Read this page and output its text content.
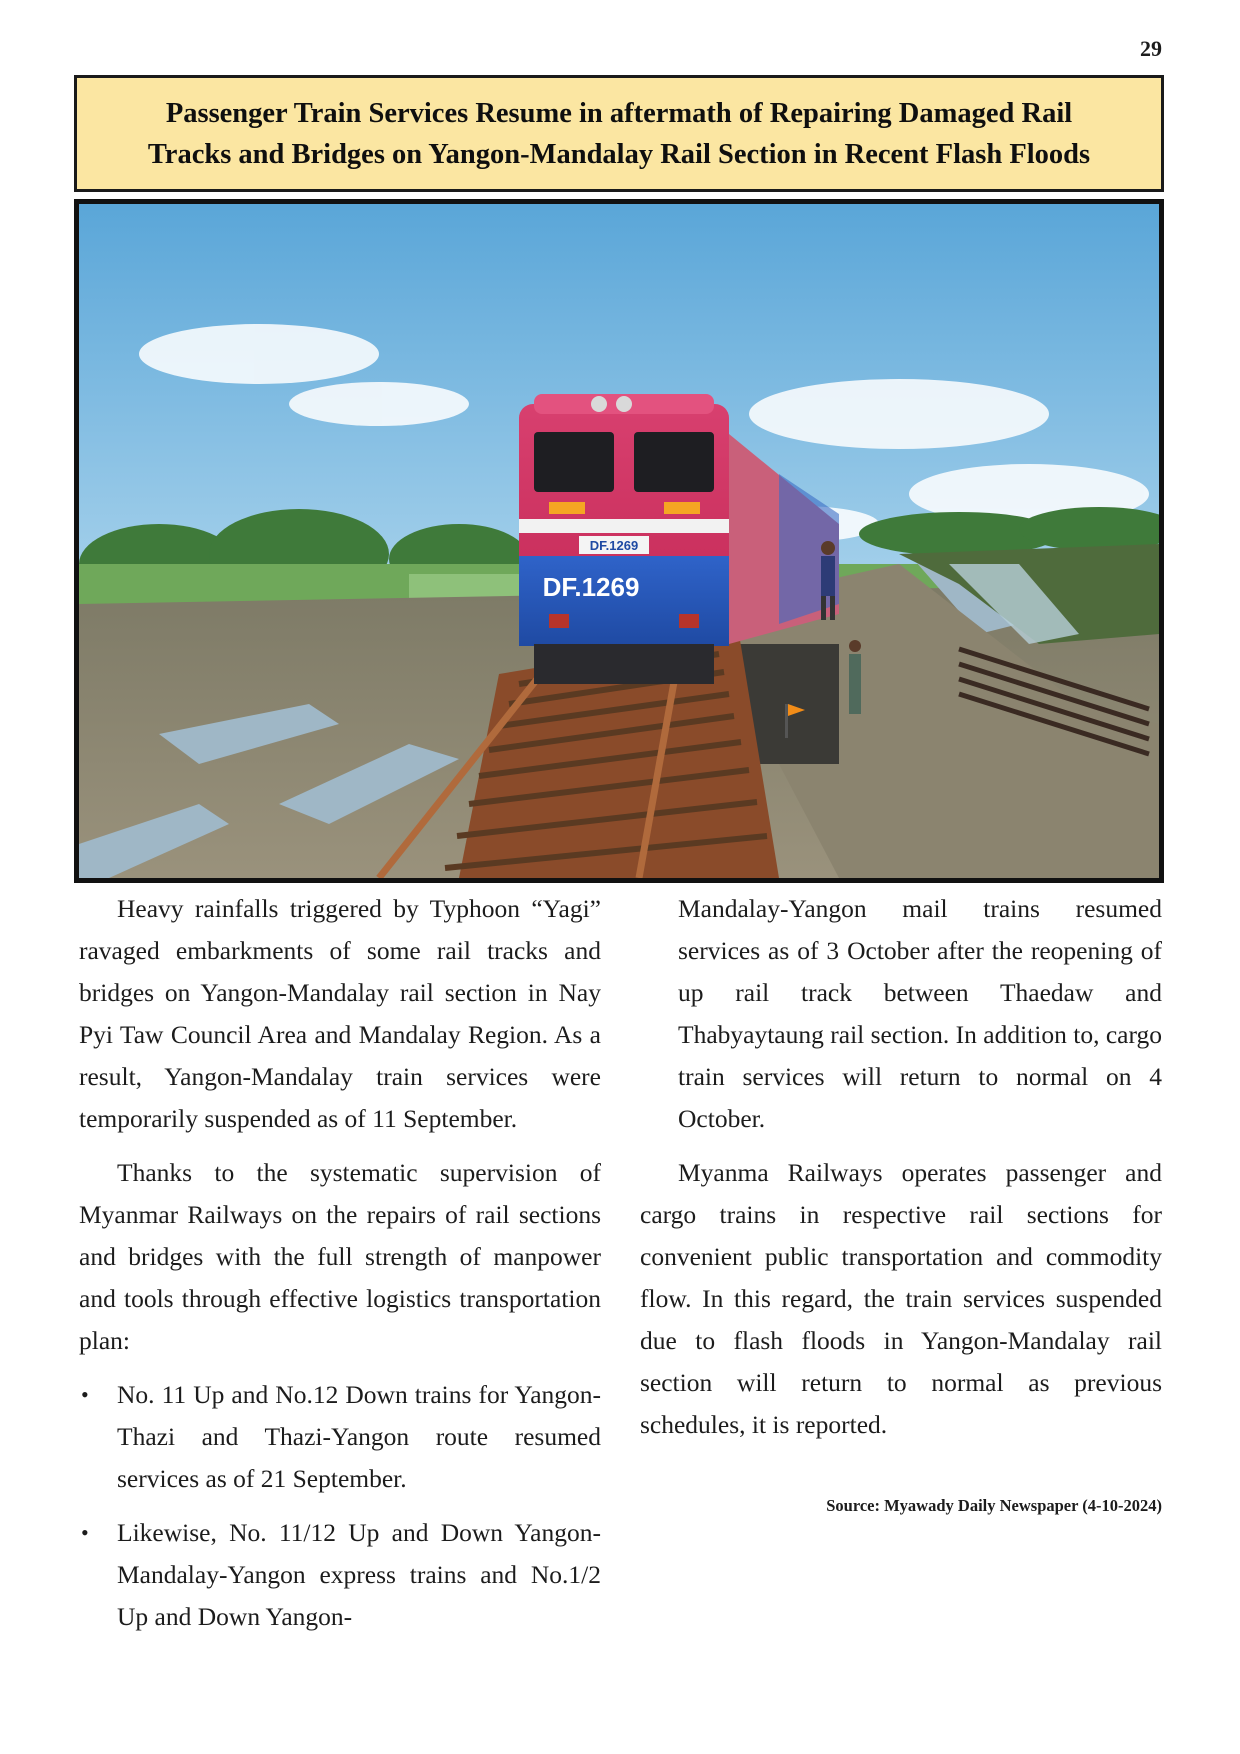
29
Passenger Train Services Resume in aftermath of Repairing Damaged Rail
Tracks and Bridges on Yangon-Mandalay Rail Section in Recent Flash Floods
DF.1269
DF.1269

Heavy rainfalls triggered by Typhoon “Yagi” ravaged embarkments of some rail tracks and bridges on Yangon-Mandalay rail section in Nay Pyi Taw Council Area and Mandalay Region. As a result, Yangon-Mandalay train services were temporarily suspended as of 11 September.

Thanks to the systematic supervision of Myanmar Railways on the repairs of rail sections and bridges with the full strength of manpower and tools through effective logistics transportation plan:

• No. 11 Up and No.12 Down trains for Yangon-Thazi and Thazi-Yangon route resumed services as of 21 September.
• Likewise, No. 11/12 Up and Down Yangon-Mandalay-Yangon express trains and No.1/2 Up and Down Yangon-

Mandalay-Yangon mail trains resumed services as of 3 October after the reopening of up rail track between Thaedaw and Thabyaytaung rail section. In addition to, cargo train services will return to normal on 4 October.

Myanma Railways operates passenger and cargo trains in respective rail sections for convenient public transportation and commodity flow. In this regard, the train services suspended due to flash floods in Yangon-Mandalay rail section will return to normal as previous schedules, it is reported.

Source: Myawady Daily Newspaper (4-10-2024)
